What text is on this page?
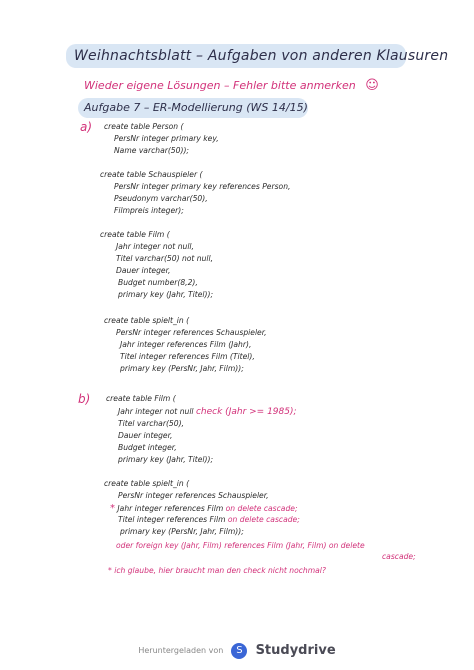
Weihnachtsblatt – Aufgaben von anderen Klausuren
Wieder eigene Lösungen – Fehler bitte anmerken ☺
Aufgabe 7 – ER-Modellierung (WS 14/15)
a) create table Person (
PersNr integer primary key,
Name varchar(50));
create table Schauspieler (
PersNr integer primary key references Person,
Pseudonym varchar(50),
Filmpreis integer);
create table Film (
Jahr integer not null,
Titel varchar(50) not null,
Dauer integer,
Budget number(8,2),
primary key (Jahr, Titel));
create table spielt_in (
PersNr integer references Schauspieler,
Jahr integer references Film (Jahr),
Titel integer references Film (Titel),
primary key (PersNr, Jahr, Film));
b) create table Film (
Jahr integer not null check (Jahr >= 1985);
Titel varchar(50),
Dauer integer,
Budget integer,
primary key (Jahr, Titel));
create table spielt_in (
PersNr integer references Schauspieler,
* Jahr integer references Film on delete cascade;
Titel integer references Film on delete cascade;
primary key (PersNr, Jahr, Film));
oder foreign key (Jahr, Film) references Film (Jahr, Film) on delete
cascade;
* ich glaube, hier braucht man den check nicht nochmal?
Heruntergeladen von S Studydrive
